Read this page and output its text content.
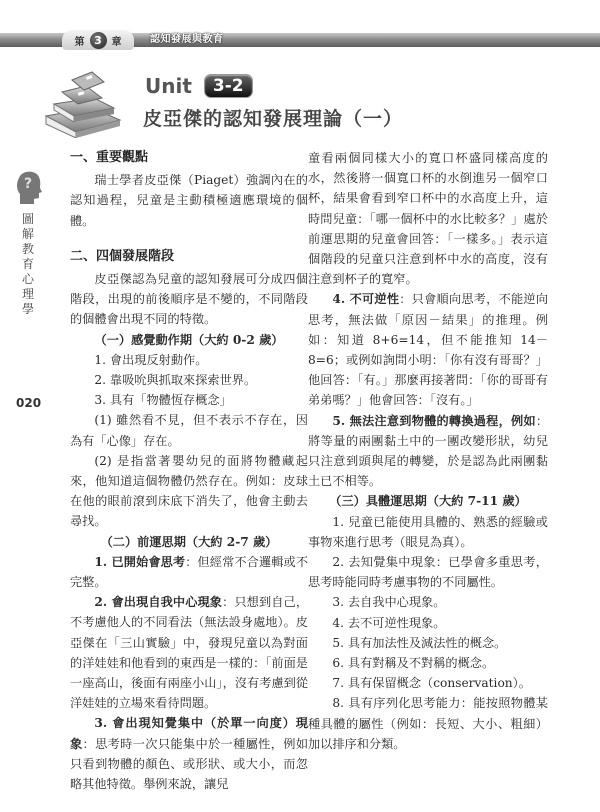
第 3 章	認知發展與教育
Unit	3-2
皮亞傑的認知發展理論（一）
?
圖解教育心理學
020

一、重要觀點

瑞士學者皮亞傑（Piaget）強調內在的認知過程，兒童是主動積極適應環境的個體。

二、四個發展階段

皮亞傑認為兒童的認知發展可分成四個階段，出現的前後順序是不變的，不同階段的個體會出現不同的特徵。

（一）感覺動作期（大約 0-2 歲）

1. 會出現反射動作。

2. 靠吸吮與抓取來探索世界。

3. 具有「物體恆存概念」

(1) 雖然看不見，但不表示不存在，因為有「心像」存在。

(2) 是指當著嬰幼兒的面將物體藏起來，他知道這個物體仍然存在。例如：皮球在他的眼前滾到床底下消失了，他會主動去尋找。

（二）前運思期（大約 2-7 歲）

1. 已開始會思考：但經常不合邏輯或不完整。

2. 會出現自我中心現象：只想到自己，不考慮他人的不同看法（無法設身處地）。皮亞傑在「三山實驗」中，發現兒童以為對面的洋娃娃和他看到的東西是一樣的：「前面是一座高山，後面有兩座小山」，沒有考慮到從洋娃娃的立場來看待問題。

3. 會出現知覺集中（於單一向度）現象：思考時一次只能集中於一種屬性，例如只看到物體的顏色、或形狀、或大小，而忽略其他特徵。舉例來說，讓兒

童看兩個同樣大小的寬口杯盛同樣高度的水，然後將一個寬口杯的水倒進另一個窄口杯，結果會看到窄口杯中的水高度上升，這時問兒童：「哪一個杯中的水比較多？」處於前運思期的兒童會回答：「一樣多。」表示這個階段的兒童只注意到杯中水的高度，沒有注意到杯子的寬窄。

4. 不可逆性：只會順向思考，不能逆向思考，無法做「原因－結果」的推理。例如：知道 8+6=14，但不能推知 14－8=6；或例如詢問小明：「你有沒有哥哥？」他回答：「有。」那麼再接著問：「你的哥哥有弟弟嗎？」他會回答：「沒有。」

5. 無法注意到物體的轉換過程，例如：將等量的兩團黏土中的一團改變形狀，幼兒只注意到頭與尾的轉變，於是認為此兩團黏土已不相等。

（三）具體運思期（大約 7-11 歲）

1. 兒童已能使用具體的、熟悉的經驗或事物來進行思考（眼見為真）。

2. 去知覺集中現象：已學會多重思考，思考時能同時考慮事物的不同屬性。

3. 去自我中心現象。

4. 去不可逆性現象。

5. 具有加法性及減法性的概念。

6. 具有對稱及不對稱的概念。

7. 具有保留概念（conservation）。

8. 具有序列化思考能力：能按照物體某種具體的屬性（例如：長短、大小、粗細）加以排序和分類。
